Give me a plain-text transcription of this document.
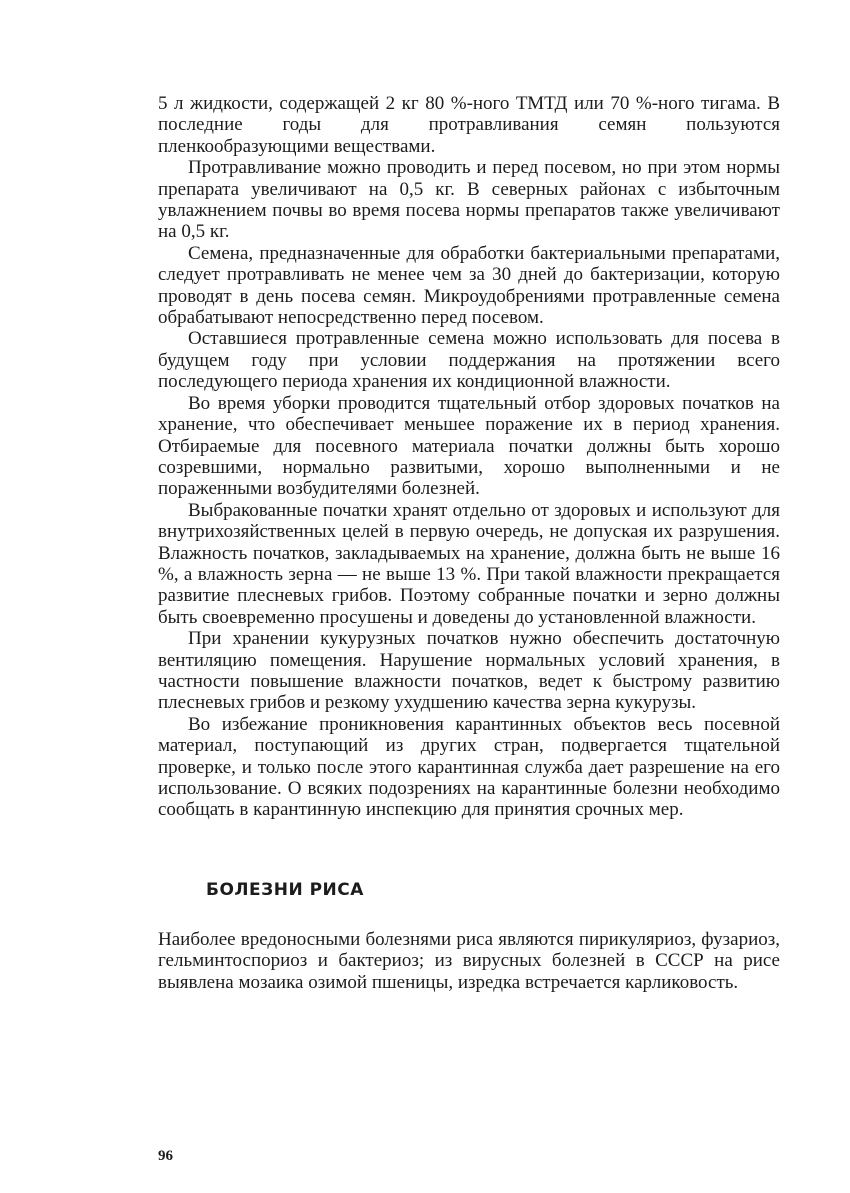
5 л жидкости, содержащей 2 кг 80 %-ного ТМТД или 70 %-ного тигама. В последние годы для протравливания семян пользуются пленкообразующими веществами.

Протравливание можно проводить и перед посевом, но при этом нормы препарата увеличивают на 0,5 кг. В северных районах с избыточным увлажнением почвы во время посева нормы препаратов также увеличивают на 0,5 кг.

Семена, предназначенные для обработки бактериальными препаратами, следует протравливать не менее чем за 30 дней до бактеризации, которую проводят в день посева семян. Микроудобрениями протравленные семена обрабатывают непосредственно перед посевом.

Оставшиеся протравленные семена можно использовать для посева в будущем году при условии поддержания на протяжении всего последующего периода хранения их кондиционной влажности.

Во время уборки проводится тщательный отбор здоровых початков на хранение, что обеспечивает меньшее поражение их в период хранения. Отбираемые для посевного материала початки должны быть хорошо созревшими, нормально развитыми, хорошо выполненными и не пораженными возбудителями болезней.

Выбракованные початки хранят отдельно от здоровых и используют для внутрихозяйственных целей в первую очередь, не допуская их разрушения. Влажность початков, закладываемых на хранение, должна быть не выше 16 %, а влажность зерна — не выше 13 %. При такой влажности прекращается развитие плесневых грибов. Поэтому собранные початки и зерно должны быть своевременно просушены и доведены до установленной влажности.

При хранении кукурузных початков нужно обеспечить достаточную вентиляцию помещения. Нарушение нормальных условий хранения, в частности повышение влажности початков, ведет к быстрому развитию плесневых грибов и резкому ухудшению качества зерна кукурузы.

Во избежание проникновения карантинных объектов весь посевной материал, поступающий из других стран, подвергается тщательной проверке, и только после этого карантинная служба дает разрешение на его использование. О всяких подозрениях на карантинные болезни необходимо сообщать в карантинную инспекцию для принятия срочных мер.

БОЛЕЗНИ РИСА

Наиболее вредоносными болезнями риса являются пирикуляриоз, фузариоз, гельминтоспориоз и бактериоз; из вирусных болезней в СССР на рисе выявлена мозаика озимой пшеницы, изредка встречается карликовость.

96
